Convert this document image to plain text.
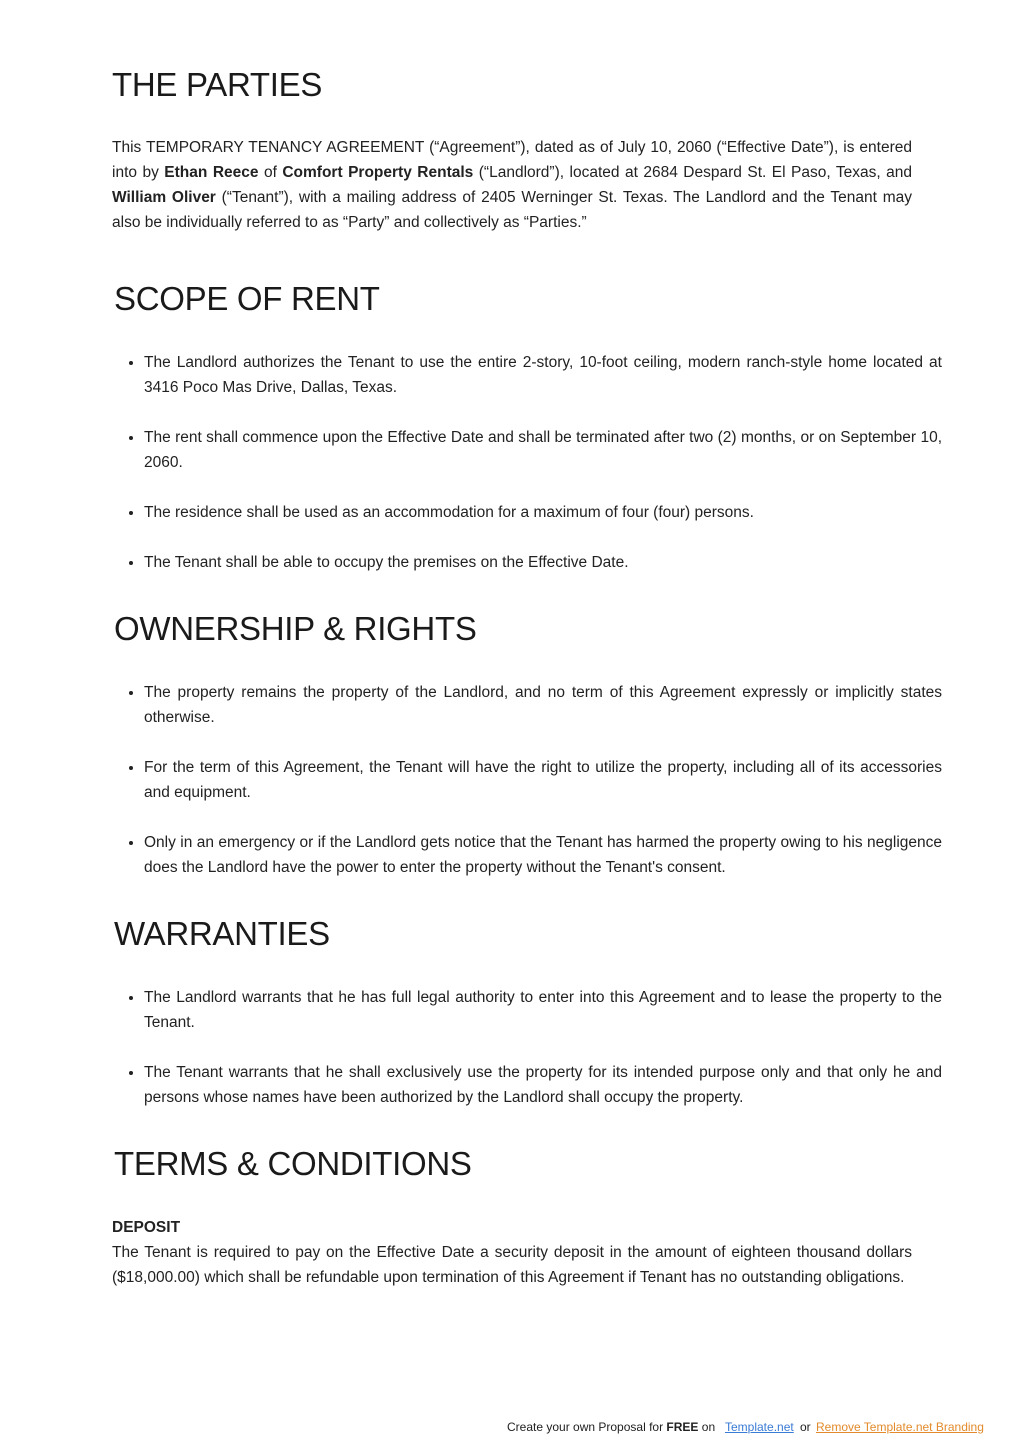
THE PARTIES

This TEMPORARY TENANCY AGREEMENT (“Agreement”), dated as of July 10, 2060 (“Effective Date”), is entered into by Ethan Reece of Comfort Property Rentals (“Landlord”), located at 2684 Despard St. El Paso, Texas, and William Oliver (“Tenant”), with a mailing address of 2405 Werninger St. Texas. The Landlord and the Tenant may also be individually referred to as “Party” and collectively as “Parties.”

SCOPE OF RENT
• The Landlord authorizes the Tenant to use the entire 2-story, 10-foot ceiling, modern ranch-style home located at 3416 Poco Mas Drive, Dallas, Texas.
• The rent shall commence upon the Effective Date and shall be terminated after two (2) months, or on September 10, 2060.
• The residence shall be used as an accommodation for a maximum of four (four) persons.
• The Tenant shall be able to occupy the premises on the Effective Date.
OWNERSHIP & RIGHTS
• The property remains the property of the Landlord, and no term of this Agreement expressly or implicitly states otherwise.
• For the term of this Agreement, the Tenant will have the right to utilize the property, including all of its accessories and equipment.
• Only in an emergency or if the Landlord gets notice that the Tenant has harmed the property owing to his negligence does the Landlord have the power to enter the property without the Tenant's consent.
WARRANTIES
• The Landlord warrants that he has full legal authority to enter into this Agreement and to lease the property to the Tenant.
• The Tenant warrants that he shall exclusively use the property for its intended purpose only and that only he and persons whose names have been authorized by the Landlord shall occupy the property.
TERMS & CONDITIONS

DEPOSIT

The Tenant is required to pay on the Effective Date a security deposit in the amount of eighteen thousand dollars ($18,000.00) which shall be refundable upon termination of this Agreement if Tenant has no outstanding obligations.

Create your own Proposal for FREE on Template.net or Remove Template.net Branding
